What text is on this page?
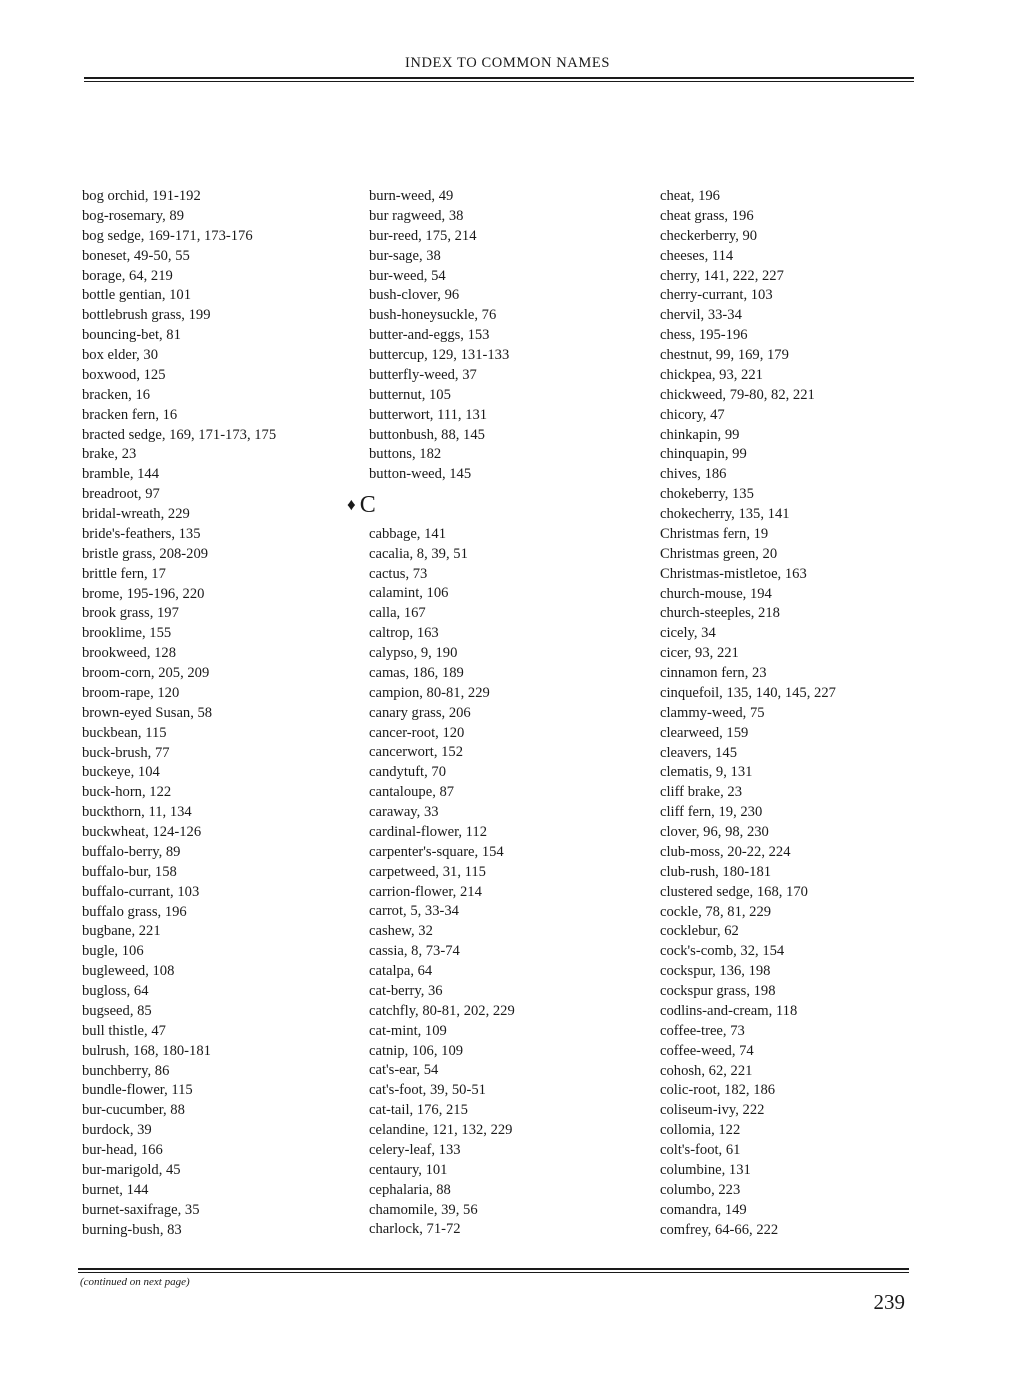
INDEX TO COMMON NAMES
bog orchid, 191-192
bog-rosemary, 89
bog sedge, 169-171, 173-176
boneset, 49-50, 55
borage, 64, 219
bottle gentian, 101
bottlebrush grass, 199
bouncing-bet, 81
box elder, 30
boxwood, 125
bracken, 16
bracken fern, 16
bracted sedge, 169, 171-173, 175
brake, 23
bramble, 144
breadroot, 97
bridal-wreath, 229
bride's-feathers, 135
bristle grass, 208-209
brittle fern, 17
brome, 195-196, 220
brook grass, 197
brooklime, 155
brookweed, 128
broom-corn, 205, 209
broom-rape, 120
brown-eyed Susan, 58
buckbean, 115
buck-brush, 77
buckeye, 104
buck-horn, 122
buckthorn, 11, 134
buckwheat, 124-126
buffalo-berry, 89
buffalo-bur, 158
buffalo-currant, 103
buffalo grass, 196
bugbane, 221
bugle, 106
bugleweed, 108
bugloss, 64
bugseed, 85
bull thistle, 47
bulrush, 168, 180-181
bunchberry, 86
bundle-flower, 115
bur-cucumber, 88
burdock, 39
bur-head, 166
bur-marigold, 45
burnet, 144
burnet-saxifrage, 35
burning-bush, 83
burn-weed, 49
bur ragweed, 38
bur-reed, 175, 214
bur-sage, 38
bur-weed, 54
bush-clover, 96
bush-honeysuckle, 76
butter-and-eggs, 153
buttercup, 129, 131-133
butterfly-weed, 37
butternut, 105
butterwort, 111, 131
buttonbush, 88, 145
buttons, 182
button-weed, 145
♦ C
cabbage, 141
cacalia, 8, 39, 51
cactus, 73
calamint, 106
calla, 167
caltrop, 163
calypso, 9, 190
camas, 186, 189
campion, 80-81, 229
canary grass, 206
cancer-root, 120
cancerwort, 152
candytuft, 70
cantaloupe, 87
caraway, 33
cardinal-flower, 112
carpenter's-square, 154
carpetweed, 31, 115
carrion-flower, 214
carrot, 5, 33-34
cashew, 32
cassia, 8, 73-74
catalpa, 64
cat-berry, 36
catchfly, 80-81, 202, 229
cat-mint, 109
catnip, 106, 109
cat's-ear, 54
cat's-foot, 39, 50-51
cat-tail, 176, 215
celandine, 121, 132, 229
celery-leaf, 133
centaury, 101
cephalaria, 88
chamomile, 39, 56
charlock, 71-72
cheat, 196
cheat grass, 196
checkerberry, 90
cheeses, 114
cherry, 141, 222, 227
cherry-currant, 103
chervil, 33-34
chess, 195-196
chestnut, 99, 169, 179
chickpea, 93, 221
chickweed, 79-80, 82, 221
chicory, 47
chinkapin, 99
chinquapin, 99
chives, 186
chokeberry, 135
chokecherry, 135, 141
Christmas fern, 19
Christmas green, 20
Christmas-mistletoe, 163
church-mouse, 194
church-steeples, 218
cicely, 34
cicer, 93, 221
cinnamon fern, 23
cinquefoil, 135, 140, 145, 227
clammy-weed, 75
clearweed, 159
cleavers, 145
clematis, 9, 131
cliff brake, 23
cliff fern, 19, 230
clover, 96, 98, 230
club-moss, 20-22, 224
club-rush, 180-181
clustered sedge, 168, 170
cockle, 78, 81, 229
cocklebur, 62
cock's-comb, 32, 154
cockspur, 136, 198
cockspur grass, 198
codlins-and-cream, 118
coffee-tree, 73
coffee-weed, 74
cohosh, 62, 221
colic-root, 182, 186
coliseum-ivy, 222
collomia, 122
colt's-foot, 61
columbine, 131
columbo, 223
comandra, 149
comfrey, 64-66, 222
(continued on next page)
239
